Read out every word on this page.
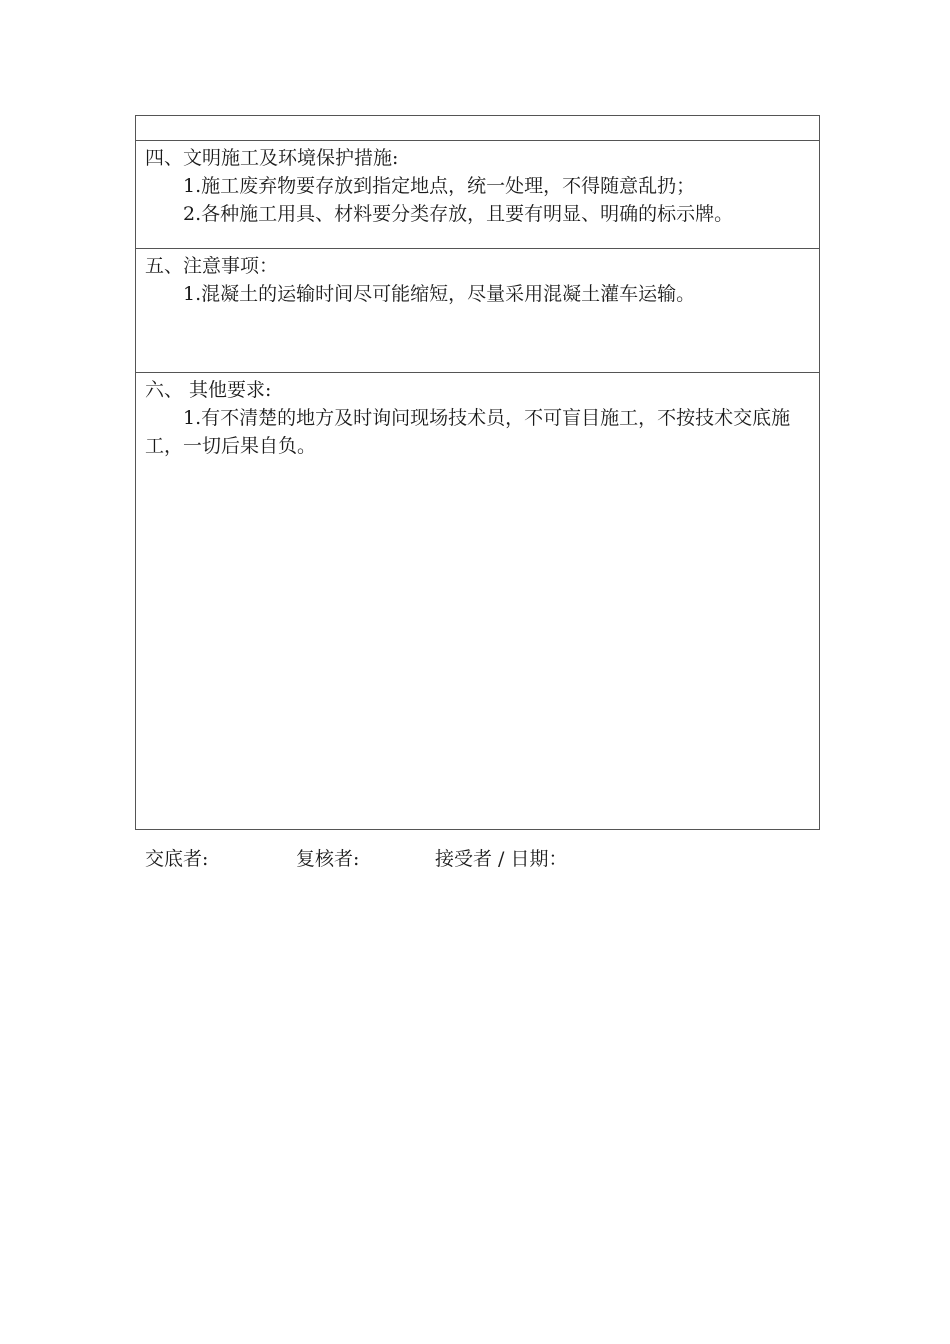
四、文明施工及环境保护措施:
1.施工废弃物要存放到指定地点，统一处理，不得随意乱扔；
2.各种施工用具、材料要分类存放，且要有明显、明确的标示牌。

五、注意事项：
1.混凝土的运输时间尽可能缩短，尽量采用混凝土灌车运输。

六、 其他要求:
1.有不清楚的地方及时询问现场技术员，不可盲目施工，不按技术交底施工，一切后果自负。
交底者:	复核者:	接受者 / 日期：
